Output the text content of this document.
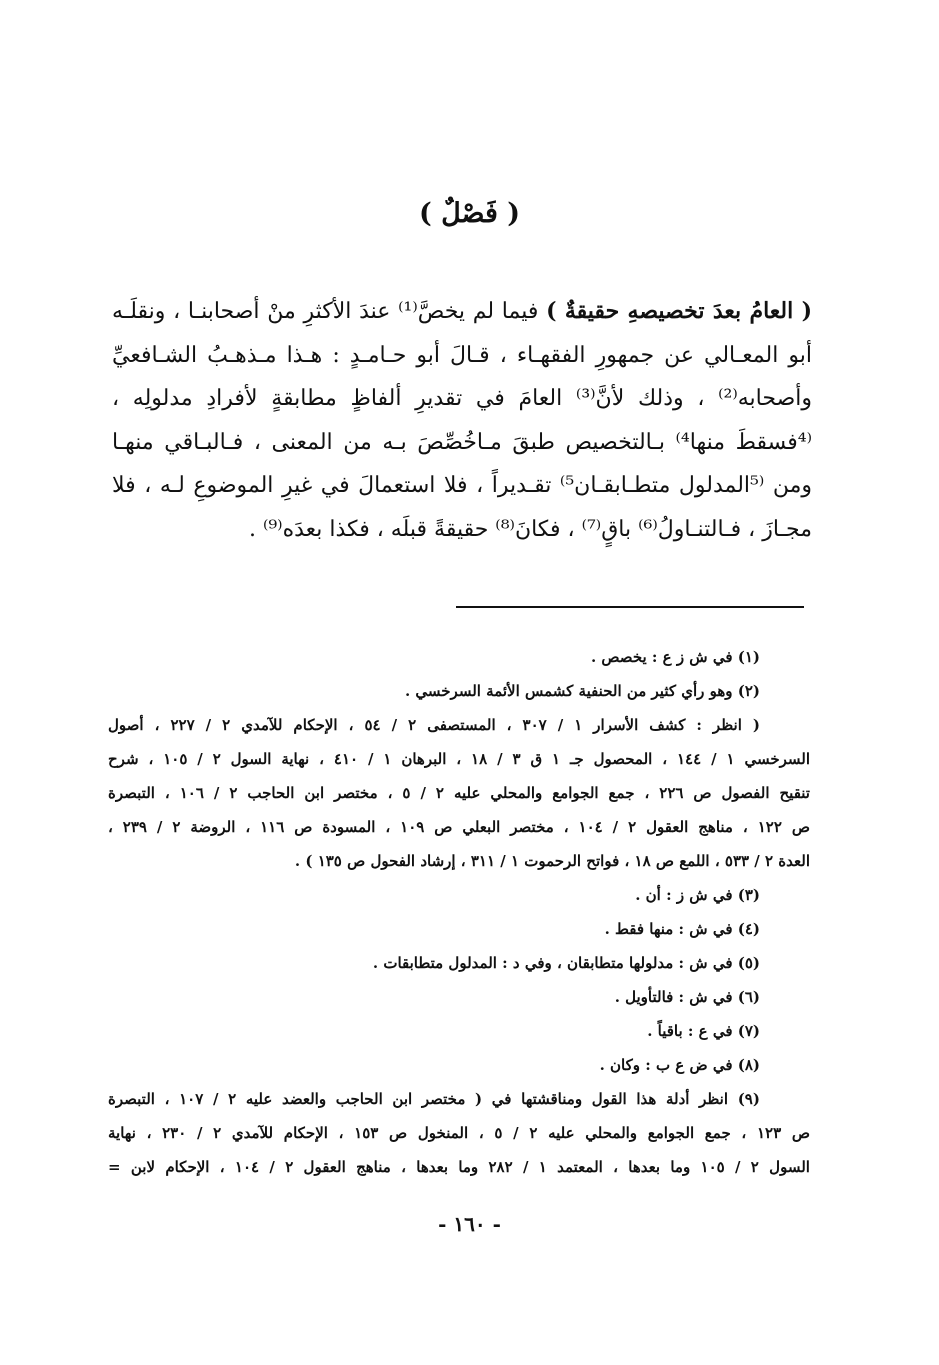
( فَصْلٌ )
( العامُ بعدَ تخصيصهِ حقيقةٌ ) فيما لم يخصَّ⁽¹⁾ عندَ الأكثرِ منْ أصحابنـا ، ونقلَـه أبو المعـالي عن جمهورِ الفقهـاء ، قـالَ أبو حـامـدٍ : هـذا مـذهـبُ الشـافعيِّ وأصحابه⁽²⁾ ، وذلك لأنَّ⁽³⁾ العامَ في تقديرِ ألفاظٍ مطابقةٍ لأفرادِ مدلولِه ، ⁽⁴فسقطَ منها⁴⁾ بـالتخصيص طبقَ مـاخُصِّصَ بـه من المعنى ، فـالبـاقي منهـا ومن ⁽⁵المدلول متطـابقـان⁵⁾ تقـديراً ، فلا استعمالَ في غيرِ الموضوعِ لـه ، فلا مجـازَ ، فـالتنـاولُ⁽⁶⁾ باقٍ⁽⁷⁾ ، فكانَ⁽⁸⁾ حقيقةً قبلَه ، فكذا بعدَه⁽⁹⁾ .
(١) في ش ز ع : يخصص .
(٢) وهو رأي كثير من الحنفية كشمس الأئمة السرخسي .
( انظر : كشف الأسرار ١ / ٣٠٧ ، المستصفى ٢ / ٥٤ ، الإحكام للآمدي ٢ / ٢٢٧ ، أصول
السرخسي ١ / ١٤٤ ، المحصول جـ ١ ق ٣ / ١٨ ، البرهان ١ / ٤١٠ ، نهاية السول ٢ / ١٠٥ ، شرح
تنقيح الفصول ص ٢٢٦ ، جمع الجوامع والمحلي عليه ٢ / ٥ ، مختصر ابن الحاجب ٢ / ١٠٦ ، التبصرة
ص ١٢٢ ، مناهج العقول ٢ / ١٠٤ ، مختصر البعلي ص ١٠٩ ، المسودة ص ١١٦ ، الروضة ٢ / ٢٣٩ ،
العدة ٢ / ٥٣٣ ، اللمع ص ١٨ ، فواتح الرحموت ١ / ٣١١ ، إرشاد الفحول ص ١٣٥ ) .
(٣) في ش ز : أن .
(٤) في ش : منها فقط .
(٥) في ش : مدلولها متطابقان ، وفي د : المدلول متطابقات .
(٦) في ش : فالتأويل .
(٧) في ع : باقياً .
(٨) في ض ع ب : وكان .
(٩) انظر أدلة هذا القول ومناقشتها في ( مختصر ابن الحاجب والعضد عليه ٢ / ١٠٧ ، التبصرة
ص ١٢٣ ، جمع الجوامع والمحلي عليه ٢ / ٥ ، المنخول ص ١٥٣ ، الإحكام للآمدي ٢ / ٢٣٠ ، نهاية
السول ٢ / ١٠٥ وما بعدها ، المعتمد ١ / ٢٨٢ وما بعدها ، مناهج العقول ٢ / ١٠٤ ، الإحكام لابن =
- ١٦٠ -
